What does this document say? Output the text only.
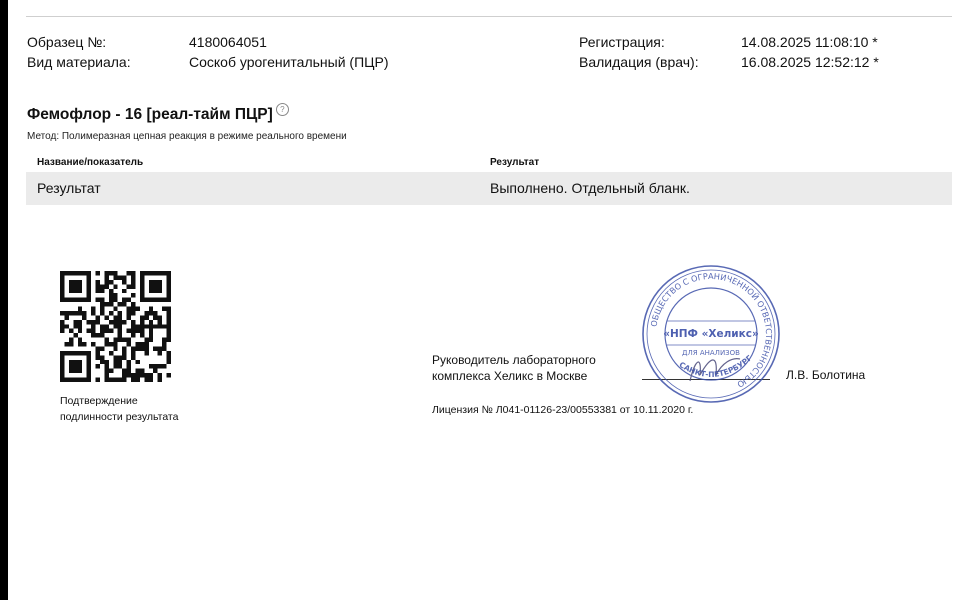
Образец №:	4180064051
Вид материала:	Соскоб урогенитальный (ПЦР)
Регистрация:	14.08.2025 11:08:10 *
Валидация (врач):	16.08.2025 12:52:12 *
Фемофлор - 16 [реал-тайм ПЦР] ?
Метод: Полимеразная цепная реакция в режиме реального времени
Название/показатель	Результат
Результат	Выполнено. Отдельный бланк.
Подтверждение
подлинности результата
Руководитель лабораторного
комплекса Хеликс в Москве	Л.В. Болотина
Лицензия № Л041-01126-23/00553381 от 10.11.2020 г.
ОБЩЕСТВО С ОГРАНИЧЕННОЙ ОТВЕТСТВЕННОСТЬЮ
«НПФ «Хеликс»
ДЛЯ АНАЛИЗОВ
САНКТ-ПЕТЕРБУРГ
